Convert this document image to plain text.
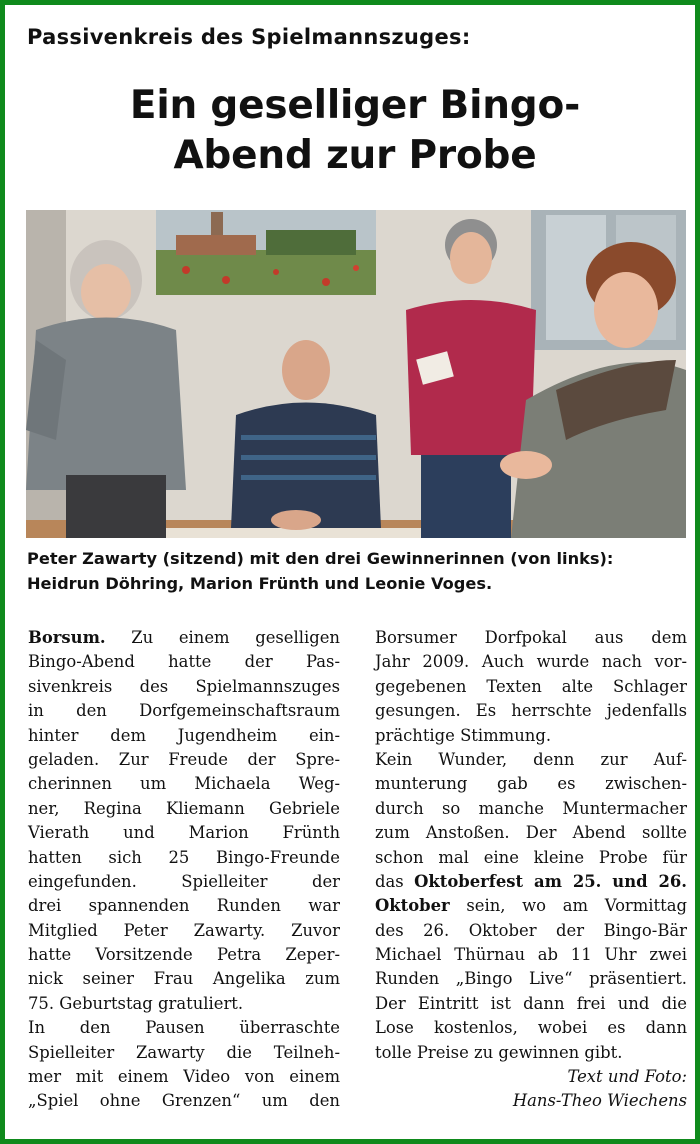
Passivenkreis des Spielmannszuges:
Ein geselliger Bingo-
Abend zur Probe
Peter Zawarty (sitzend) mit den drei Gewinnerinnen (von links):
Heidrun Döhring, Marion Frünth und Leonie Voges.
Borsum. Zu einem geselligen
Bingo-Abend hatte der Pas-
sivenkreis des Spielmannszuges
in den Dorfgemeinschaftsraum
hinter dem Jugendheim ein-
geladen. Zur Freude der Spre-
cherinnen um Michaela Weg-
ner, Regina Kliemann Gebriele
Vierath und Marion Frünth
hatten sich 25 Bingo-Freunde
eingefunden. Spielleiter der
drei spannenden Runden war
Mitglied Peter Zawarty. Zuvor
hatte Vorsitzende Petra Zeper-
nick seiner Frau Angelika zum
75. Geburtstag gratuliert.
In den Pausen überraschte
Spielleiter Zawarty die Teilneh-
mer mit einem Video von einem
„Spiel ohne Grenzen“ um den
Borsumer Dorfpokal aus dem
Jahr 2009. Auch wurde nach vor-
gegebenen Texten alte Schlager
gesungen. Es herrschte jedenfalls
prächtige Stimmung.
Kein Wunder, denn zur Auf-
munterung gab es zwischen-
durch so manche Muntermacher
zum Anstoßen. Der Abend sollte
schon mal eine kleine Probe für
das Oktoberfest am 25. und 26.
Oktober sein, wo am Vormittag
des 26. Oktober der Bingo-Bär
Michael Thürnau ab 11 Uhr zwei
Runden „Bingo Live“ präsentiert.
Der Eintritt ist dann frei und die
Lose kostenlos, wobei es dann
tolle Preise zu gewinnen gibt.
Text und Foto:
Hans-Theo Wiechens
